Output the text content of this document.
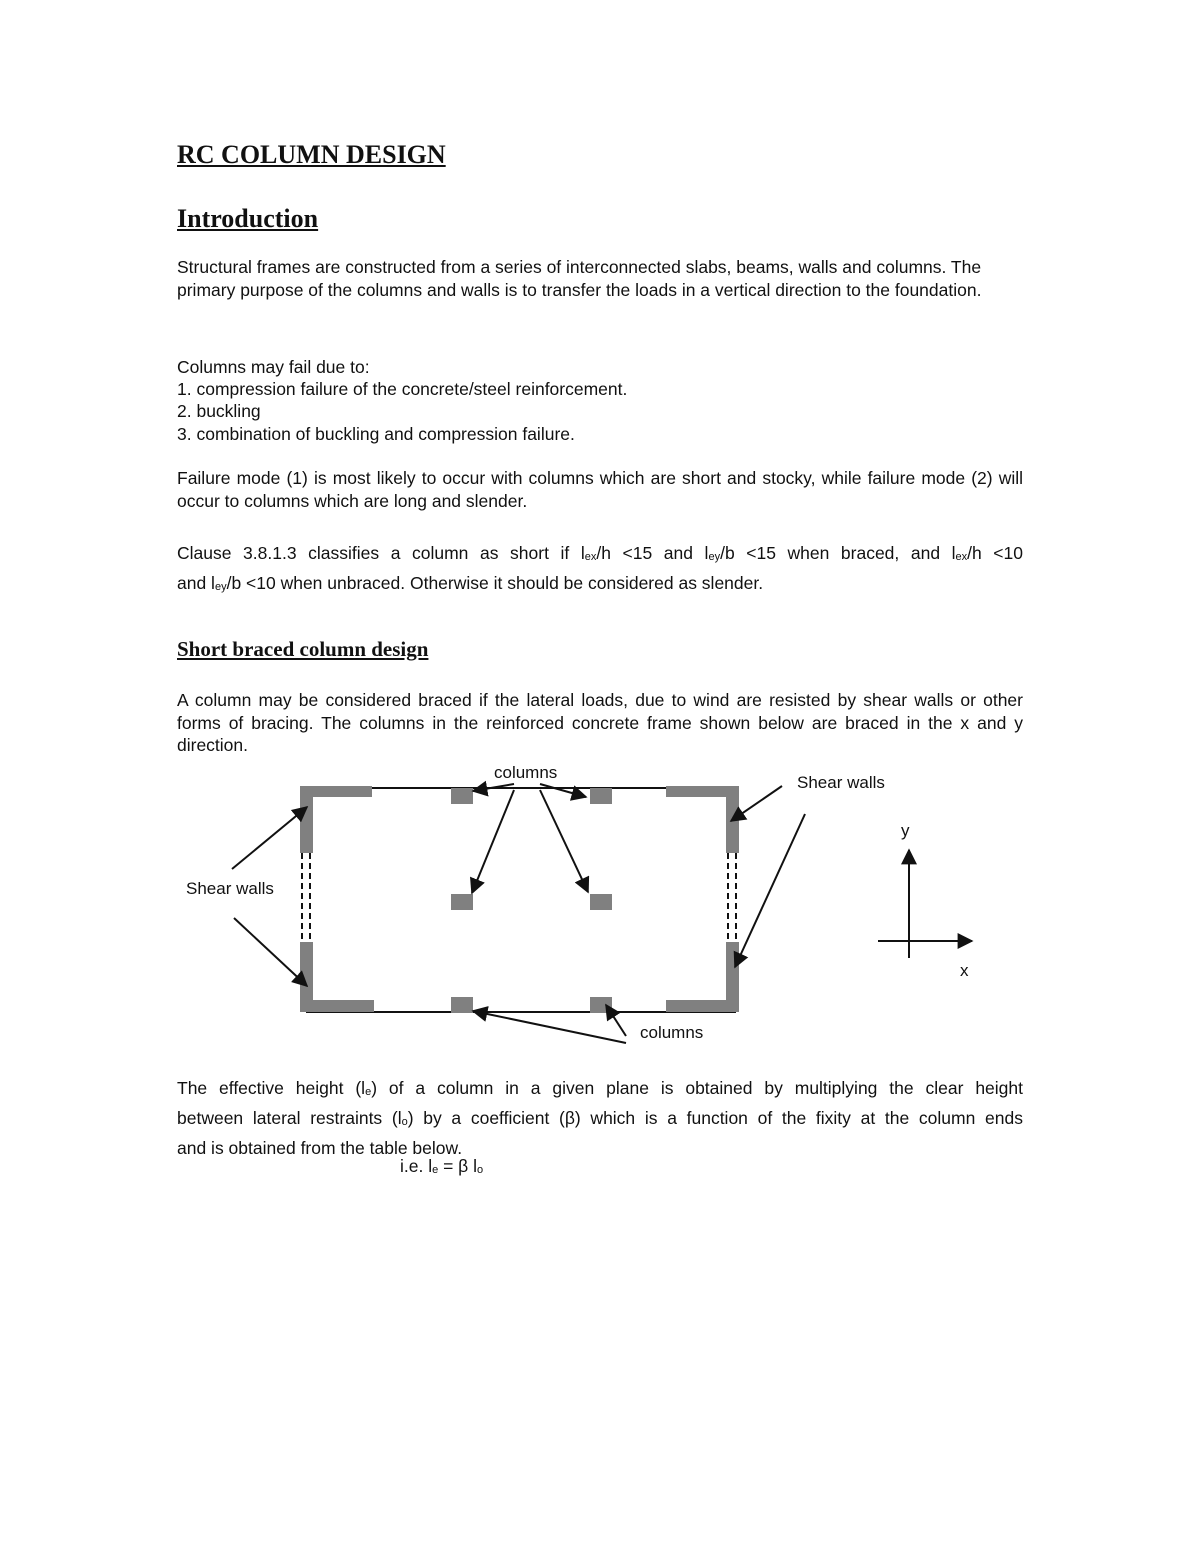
RC COLUMN DESIGN
Introduction

Structural frames are constructed from a series of interconnected slabs, beams, walls and columns. The primary purpose of the columns and walls is to transfer the loads in a vertical direction to the foundation.

Columns may fail due to:

1. compression failure of the concrete/steel reinforcement.

2. buckling

3. combination of buckling and compression failure.

Failure mode (1) is most likely to occur with columns which are short and stocky, while failure mode (2) will occur to columns which are long and slender.

Clause 3.8.1.3 classifies a column as short if $l_{ex}/h <15$ and $l_{ey}/b <15$ when braced, and $l_{ex}/h <10$
and $l_{ey}/b <10$ when unbraced. Otherwise it should be considered as slender.
Short braced column design

A column may be considered braced if the lateral loads, due to wind are resisted by shear walls or other forms of bracing. The columns in the reinforced concrete frame shown below are braced in the x and y direction.

columns
Shear walls
Shear walls
y
x
columns
The effective height $(l_e)$ of a column in a given plane is obtained by multiplying the clear height
between lateral restraints $(l_o)$ by a coefficient (β) which is a function of the fixity at the column ends
and is obtained from the table below.
i.e. $l_e = \beta$ $l_o$
